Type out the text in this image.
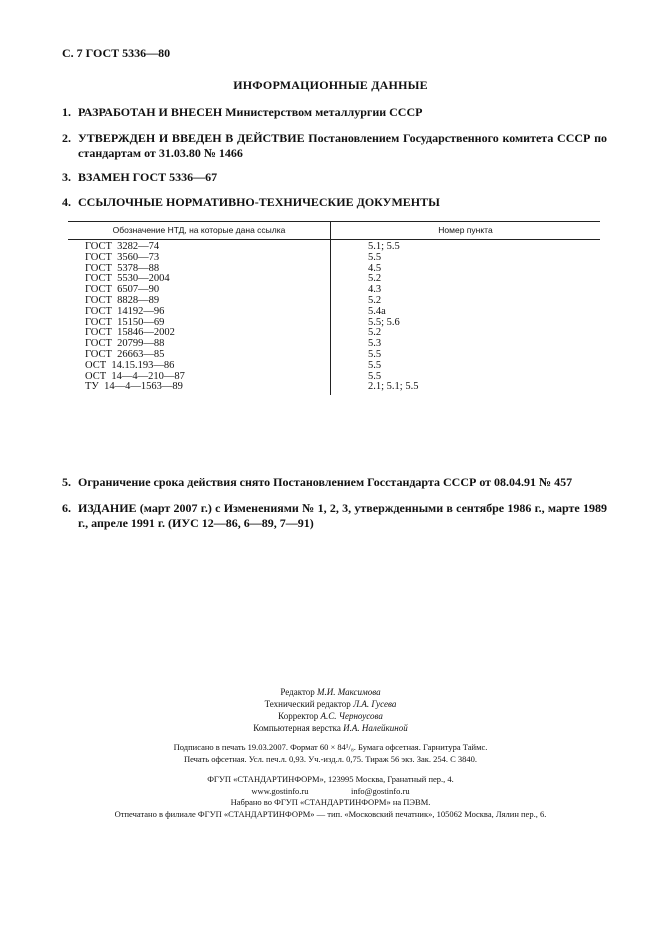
С. 7 ГОСТ 5336—80
ИНФОРМАЦИОННЫЕ ДАННЫЕ
1. РАЗРАБОТАН И ВНЕСЕН Министерством металлургии СССР
2. УТВЕРЖДЕН И ВВЕДЕН В ДЕЙСТВИЕ Постановлением Государственного комитета СССР по стандартам от 31.03.80 № 1466
3. ВЗАМЕН ГОСТ 5336—67
4. ССЫЛОЧНЫЕ НОРМАТИВНО-ТЕХНИЧЕСКИЕ ДОКУМЕНТЫ
Обозначение НТД, на которые дана ссылка	Номер пункта
ГОСТ  3282—74
ГОСТ  3560—73
ГОСТ  5378—88
ГОСТ  5530—2004
ГОСТ  6507—90
ГОСТ  8828—89
ГОСТ  14192—96
ГОСТ  15150—69
ГОСТ  15846—2002
ГОСТ  20799—88
ГОСТ  26663—85
ОСТ  14.15.193—86
ОСТ  14—4—210—87
ТУ  14—4—1563—89
5.1; 5.5
5.5
4.5
5.2
4.3
5.2
5.4а
5.5; 5.6
5.2
5.3
5.5
5.5
5.5
2.1; 5.1; 5.5
5. Ограничение срока действия снято Постановлением Госстандарта СССР от 08.04.91 № 457
6. ИЗДАНИЕ (март 2007 г.) с Изменениями № 1, 2, 3, утвержденными в сентябре 1986 г., марте 1989 г., апреле 1991 г. (ИУС 12—86, 6—89, 7—91)
Редактор М.И. Максимова
Технический редактор Л.А. Гусева
Корректор А.С. Черноусова
Компьютерная верстка И.А. Налейкиной
Подписано в печать 19.03.2007. Формат 60 × 84¹/₈. Бумага офсетная. Гарнитура Таймс.
Печать офсетная. Усл. печ.л. 0,93. Уч.-изд.л. 0,75. Тираж 56 экз. Зак. 254. С 3840.
ФГУП «СТАНДАРТИНФОРМ», 123995 Москва, Гранатный пер., 4.
www.gostinfo.ru                    info@gostinfo.ru
Набрано во ФГУП «СТАНДАРТИНФОРМ» на ПЭВМ.
Отпечатано в филиале ФГУП «СТАНДАРТИНФОРМ» — тип. «Московский печатник», 105062 Москва, Лялин пер., 6.
